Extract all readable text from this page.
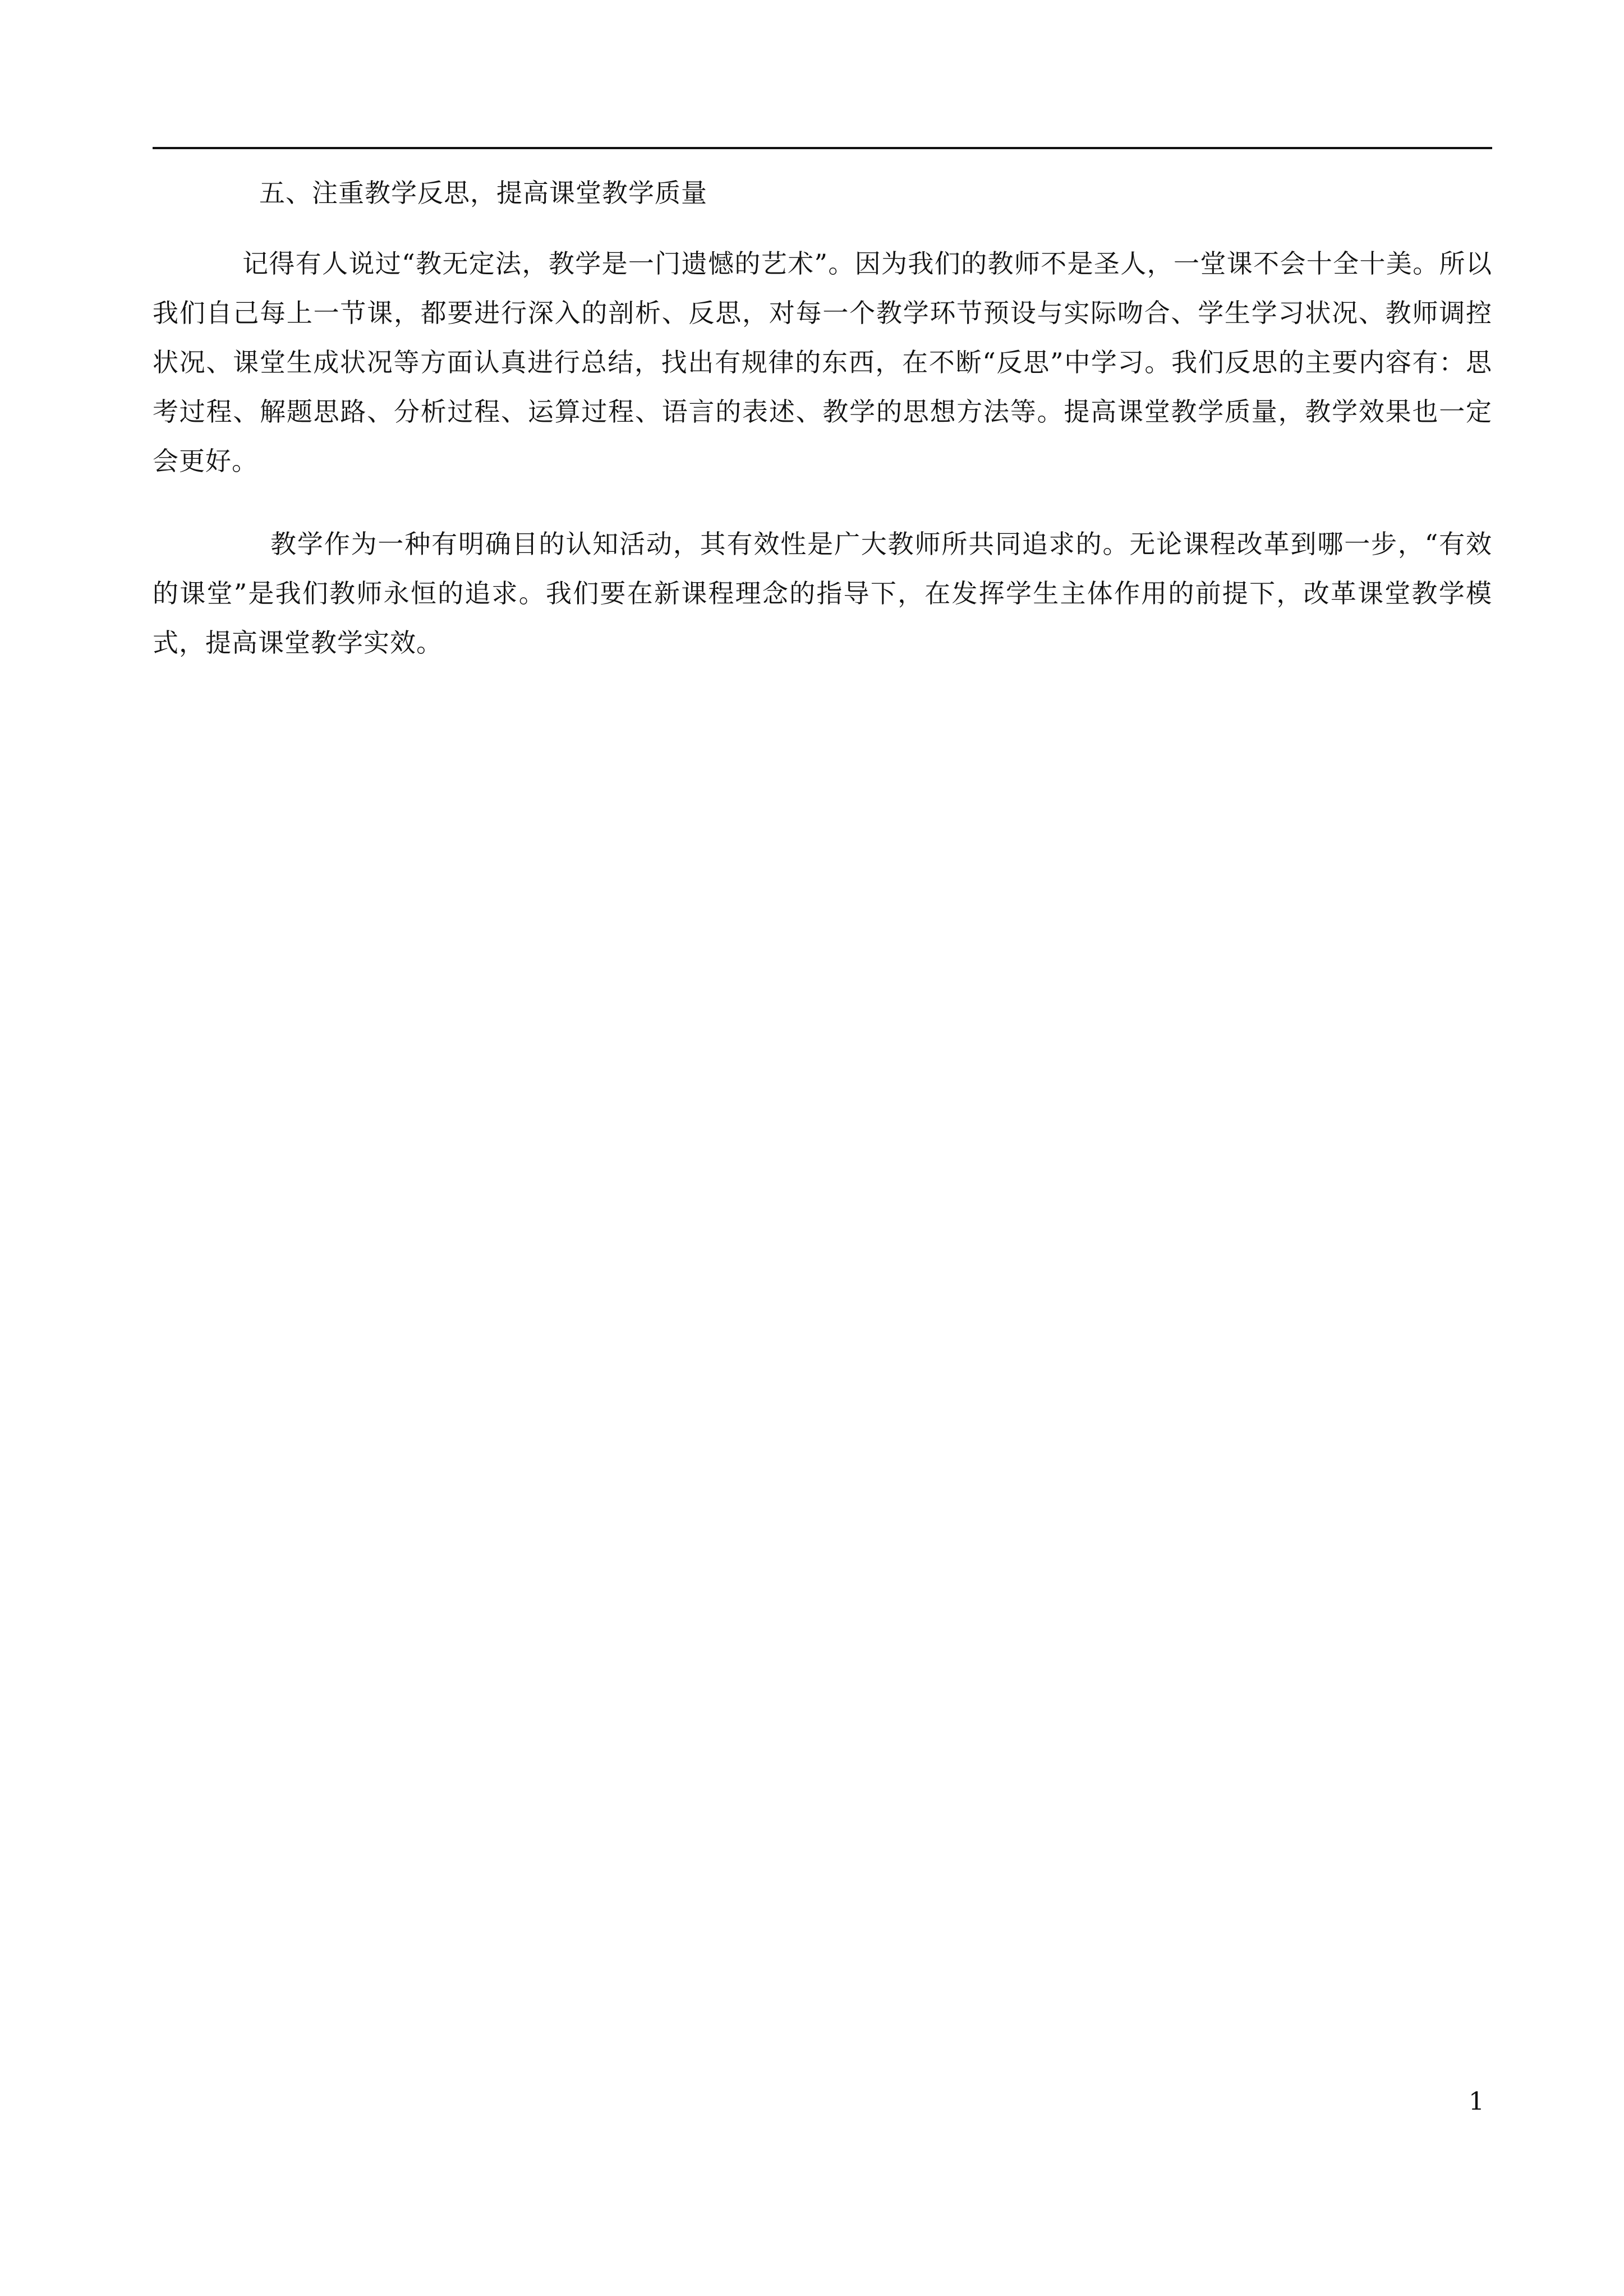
五、注重教学反思，提高课堂教学质量

记得有人说过“教无定法，教学是一门遗憾的艺术”。因为我们的教师不是圣人，一堂课不会十全十美。所以我们自己每上一节课，都要进行深入的剖析、反思，对每一个教学环节预设与实际吻合、学生学习状况、教师调控状况、课堂生成状况等方面认真进行总结，找出有规律的东西，在不断“反思”中学习。我们反思的主要内容有：思考过程、解题思路、分析过程、运算过程、语言的表述、教学的思想方法等。提高课堂教学质量，教学效果也一定会更好。

教学作为一种有明确目的认知活动，其有效性是广大教师所共同追求的。无论课程改革到哪一步，“有效的课堂”是我们教师永恒的追求。我们要在新课程理念的指导下，在发挥学生主体作用的前提下，改革课堂教学模式，提高课堂教学实效。

1
